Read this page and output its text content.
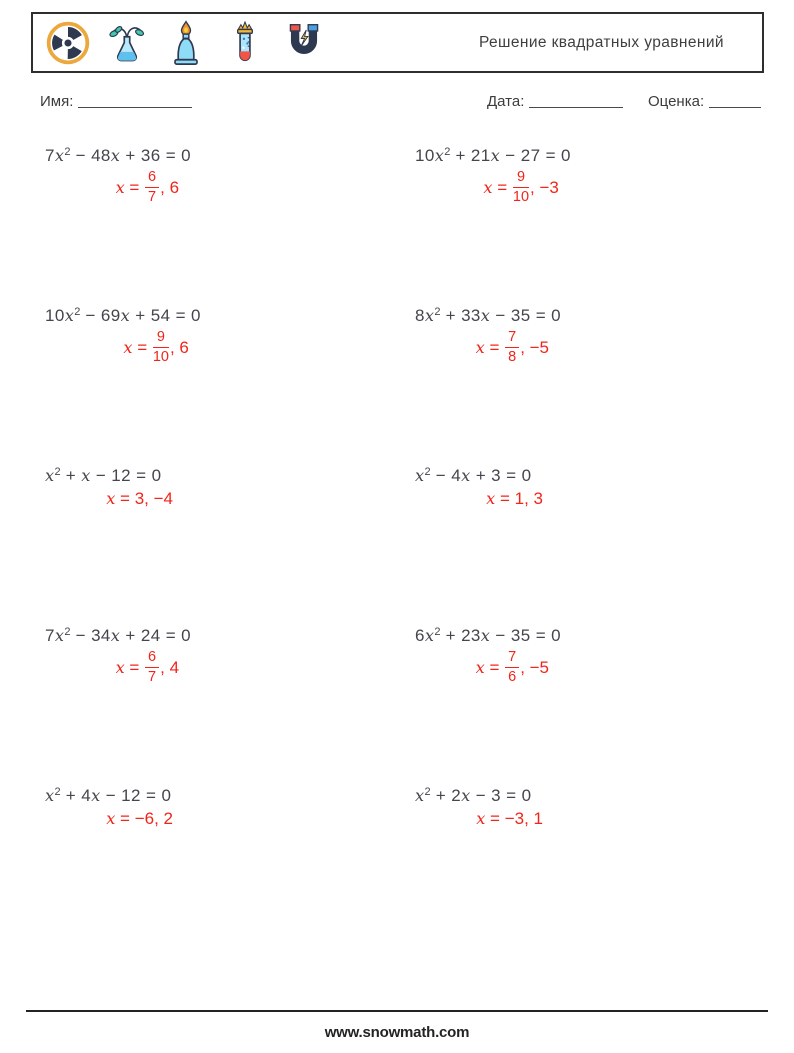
Решение квадратных уравнений
Имя:	Дата:	Оценка:
$7x^2 - 48x + 36 = 0$
$x = \frac{6}{7}$ , 6
$10x^2 + 21x - 27 = 0$
$x = \frac{9}{10}$ , −3
$10x^2 - 69x + 54 = 0$
$x = \frac{9}{10}$ , 6
$8x^2 + 33x - 35 = 0$
$x = \frac{7}{8}$ , −5
$x^2 + x - 12 = 0$
x = 3, −4
$x^2 - 4x + 3 = 0$
x = 1, 3
$7x^2 - 34x + 24 = 0$
$x = \frac{6}{7}$ , 4
$6x^2 + 23x - 35 = 0$
$x = \frac{7}{6}$ , −5
$x^2 + 4x - 12 = 0$
x = −6, 2
$x^2 + 2x - 3 = 0$
x = −3, 1
www.snowmath.com
